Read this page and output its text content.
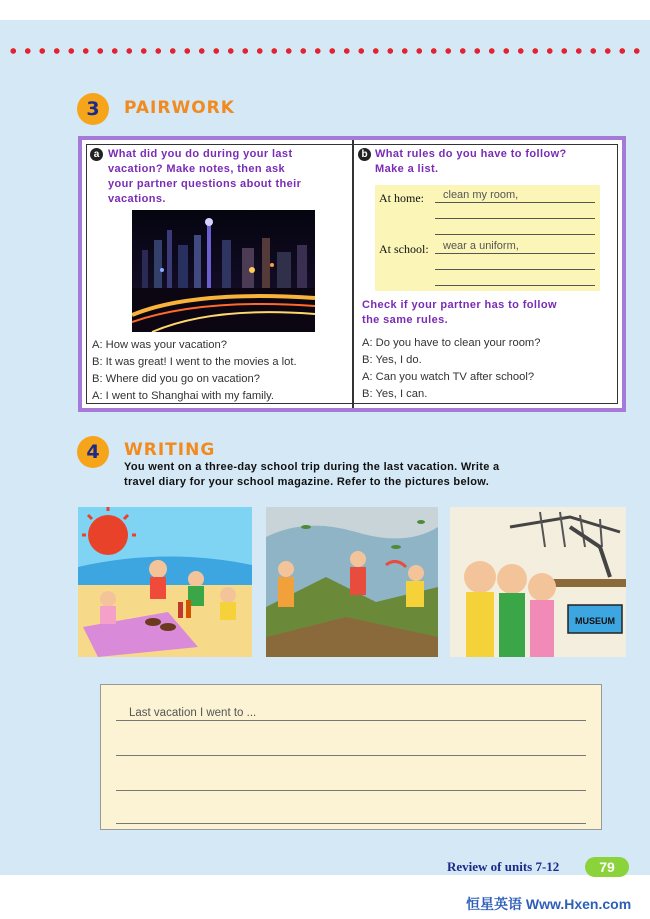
3	PAIRWORK
a What did you do during your last
vacation? Make notes, then ask
your partner questions about their
vacations.
A: How was your vacation?
B: It was great! I went to the movies a lot.
B: Where did you go on vacation?
A: I went to Shanghai with my family.
b What rules do you have to follow?
Make a list.
At home: clean my room,
At school: wear a uniform,
Check if your partner has to follow
the same rules.
A: Do you have to clean your room?
B: Yes, I do.
A: Can you watch TV after school?
B: Yes, I can.
4	WRITING
You went on a three-day school trip during the last vacation. Write a
travel diary for your school magazine. Refer to the pictures below.
MUSEUM
Last vacation I went to ...
Review of units 7-12	79
恒星英语 Www.Hxen.com
